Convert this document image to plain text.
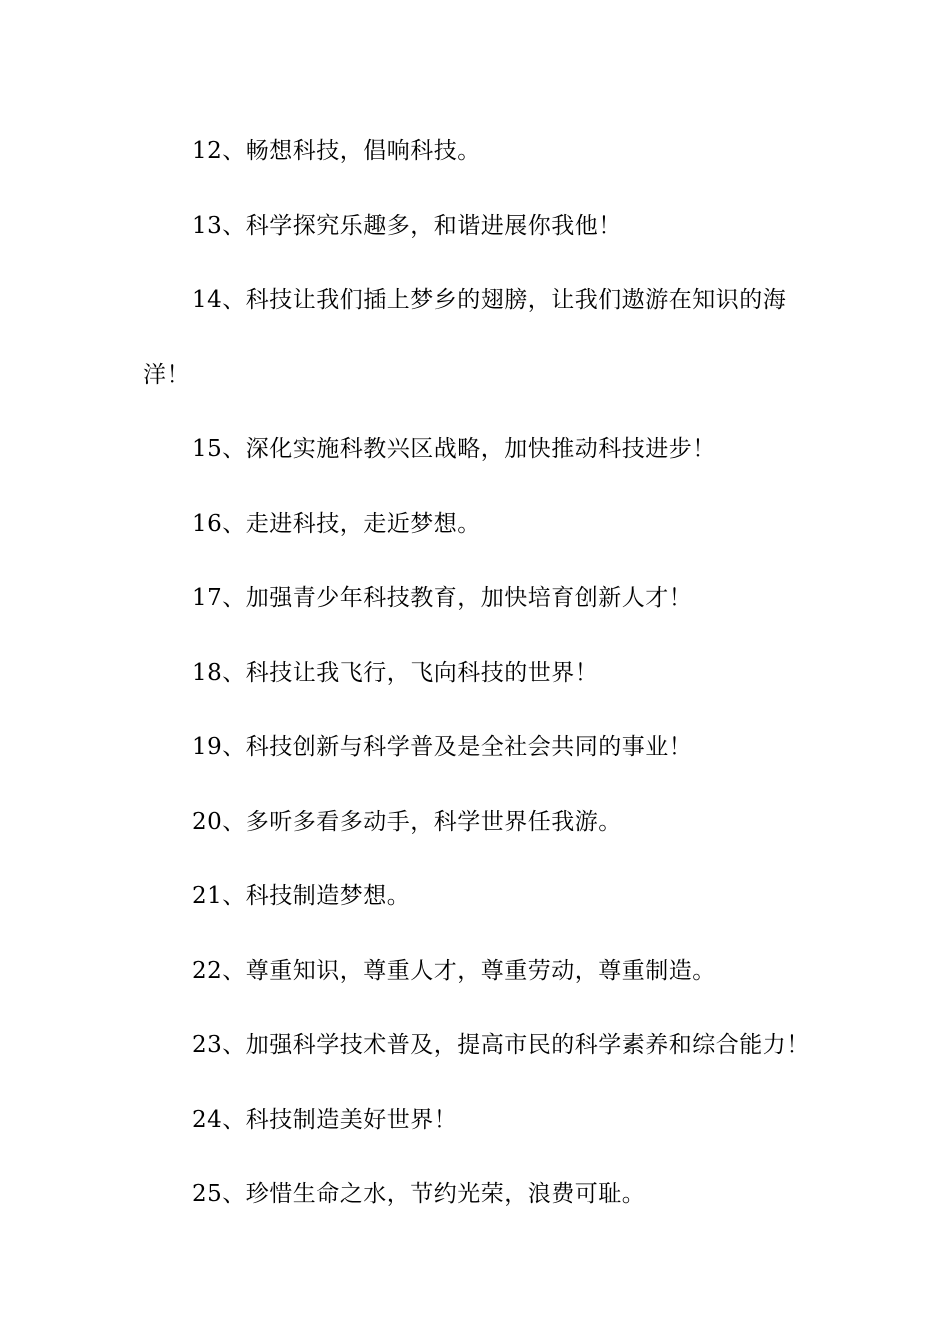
12、畅想科技，倡响科技。
13、科学探究乐趣多，和谐进展你我他！
14、科技让我们插上梦乡的翅膀，让我们遨游在知识的海
洋！
15、深化实施科教兴区战略，加快推动科技进步！
16、走进科技，走近梦想。
17、加强青少年科技教育，加快培育创新人才！
18、科技让我飞行，飞向科技的世界！
19、科技创新与科学普及是全社会共同的事业！
20、多听多看多动手，科学世界任我游。
21、科技制造梦想。
22、尊重知识，尊重人才，尊重劳动，尊重制造。
23、加强科学技术普及，提高市民的科学素养和综合能力！
24、科技制造美好世界！
25、珍惜生命之水，节约光荣，浪费可耻。
